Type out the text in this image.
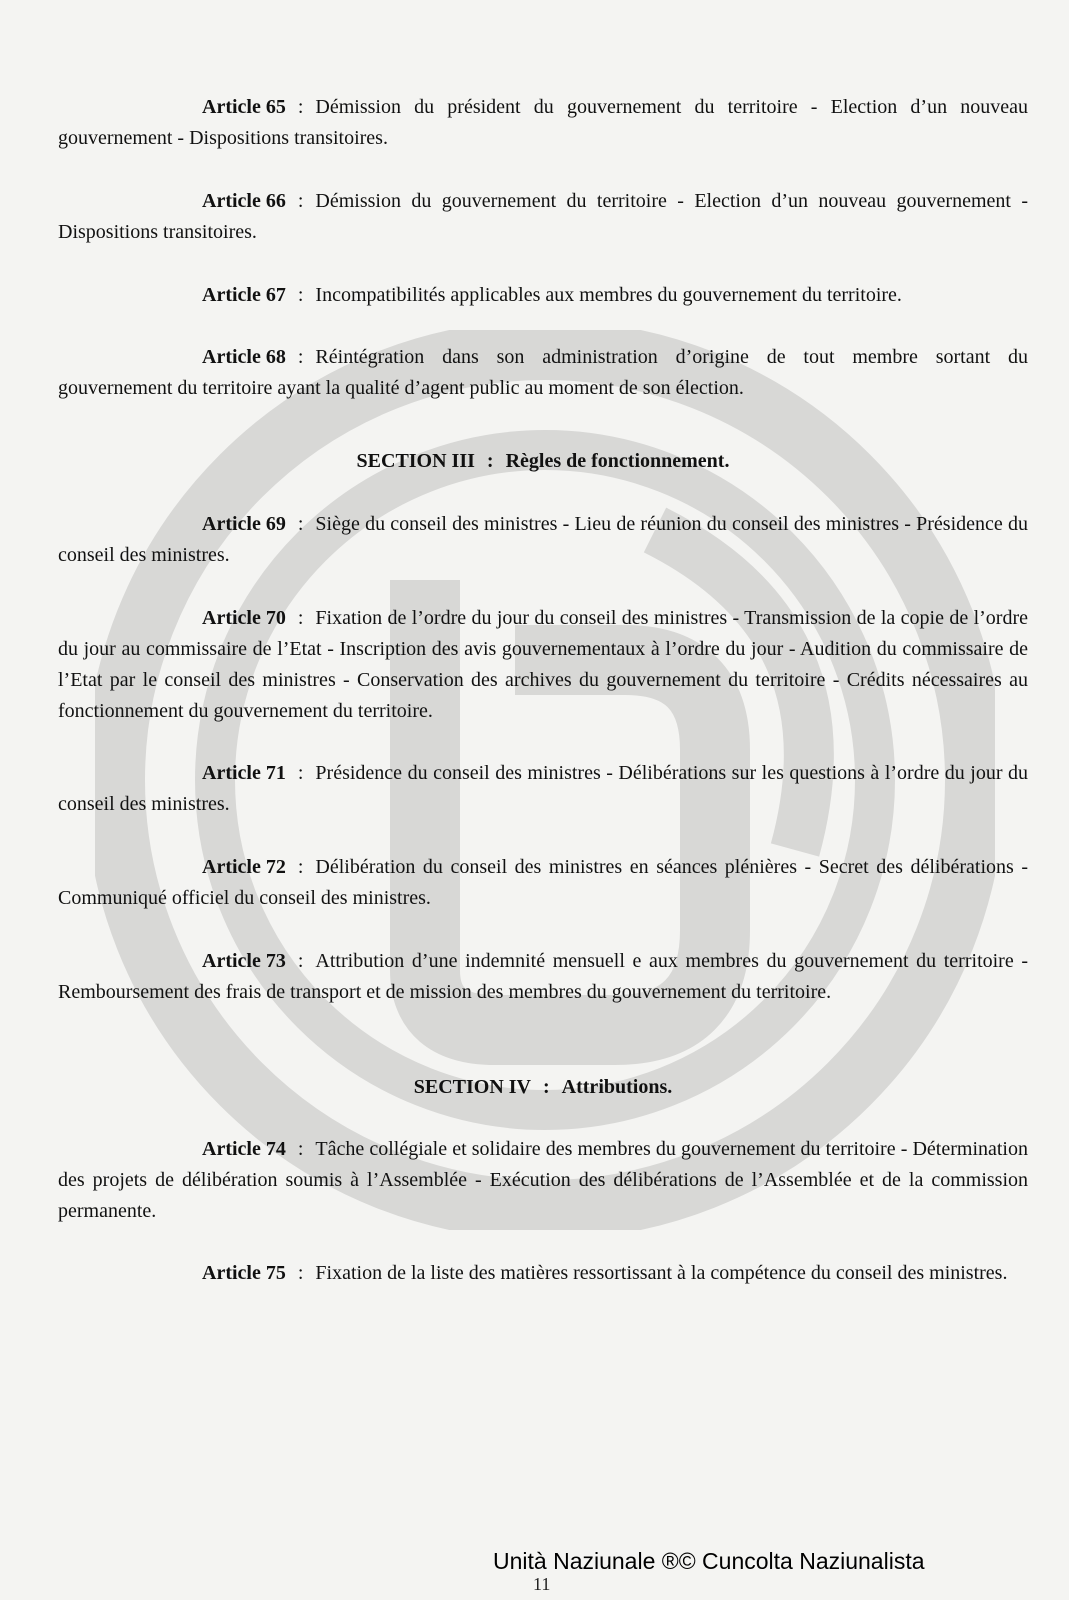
Article 65 : Démission du président du gouvernement du territoire - Election d’un nouveau gouvernement - Dispositions transitoires.

Article 66 : Démission du gouvernement du territoire - Election d’un nouveau gouvernement - Dispositions transitoires.

Article 67 : Incompatibilités applicables aux membres du gouvernement du territoire.

Article 68 : Réintégration dans son administration d’origine de tout membre sortant du gouvernement du territoire ayant la qualité d’agent public au moment de son élection.

SECTION III : Règles de fonctionnement.

Article 69 : Siège du conseil des ministres - Lieu de réunion du conseil des ministres - Présidence du conseil des ministres.

Article 70 : Fixation de l’ordre du jour du conseil des ministres - Transmission de la copie de l’ordre du jour au commissaire de l’Etat - Inscription des avis gouvernementaux à l’ordre du jour - Audition du commissaire de l’Etat par le conseil des ministres - Conservation des archives du gouvernement du territoire - Crédits nécessaires au fonctionnement du gouvernement du territoire.

Article 71 : Présidence du conseil des ministres - Délibérations sur les questions à l’ordre du jour du conseil des ministres.

Article 72 : Délibération du conseil des ministres en séances plénières - Secret des délibérations - Communiqué officiel du conseil des ministres.

Article 73 : Attribution d’une indemnité mensuell e aux membres du gouvernement du territoire - Remboursement des frais de transport et de mission des membres du gouvernement du territoire.

SECTION IV : Attributions.

Article 74 : Tâche collégiale et solidaire des membres du gouvernement du territoire - Détermination des projets de délibération soumis à l’Assemblée - Exécution des délibérations de l’Assemblée et de la commission permanente.

Article 75 : Fixation de la liste des matières ressortissant à la compétence du conseil des ministres.

Unità Naziunale ®© Cuncolta Naziunalista
11
